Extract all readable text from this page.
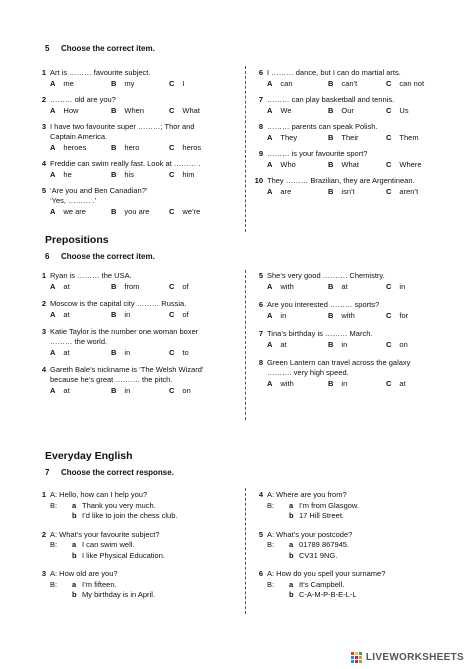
5 Choose the correct item.
1 Art is ……… favourite subject.
A me	B my	C I
2 ……… old are you?
A How	B When	C What
3 I have two favourite super ………; Thor and
Captain America.
A heroes	B hero	C heros
4 Freddie can swim really fast. Look at ……… .
A he	B his	C him
5 ‘Are you and Ben Canadian?’
‘Yes, ……… .’
A we are	B you are	C we’re
6 I ……… dance, but I can do martial arts.
A can	B can’t	C can not
7 ……… can play basketball and tennis.
A We	B Our	C Us
8 ……… parents can speak Polish.
A They	B Their	C Them
9 ……… is your favourite sport?
A Who	B What	C Where
10 They ……… Brazilian, they are Argentinean.
A are	B isn’t	C aren’t
Prepositions
6 Choose the correct item.
1 Ryan is ……… the USA.
A at	B from	C of
2 Moscow is the capital city ……… Russia.
A at	B in	C of
3 Katie Taylor is the number one woman boxer
……… the world.
A at	B in	C to
4 Gareth Bale’s nickname is ‘The Welsh Wizard’
because he’s great ………. the pitch.
A at	B in	C on
5 She’s very good ………. Chemistry.
A with	B at	C in
6 Are you interested ……… sports?
A in	B with	C for
7 Tina’s birthday is ……… March.
A at	B in	C on
8 Green Lantern can travel across the galaxy
………. very high speed.
A with	B in	C at
Everyday English
7 Choose the correct response.
1 A: Hello, how can I help you?
B:	a Thank you very much.
b I’d like to join the chess club.
2 A: What’s your favourite subject?
B:	a I can swim well.
b I like Physical Education.
3 A: How old are you?
B:	a I’m fifteen.
b My birthday is in April.
4 A: Where are you from?
B:	a I’m from Glasgow.
b 17 Hill Street.
5 A: What’s your postcode?
B:	a 01789 867945.
b CV31 9NG.
6 A: How do you spell your surname?
B:	a It’s Campbell.
b C-A-M-P-B-E-L-L
LIVEWORKSHEETS
